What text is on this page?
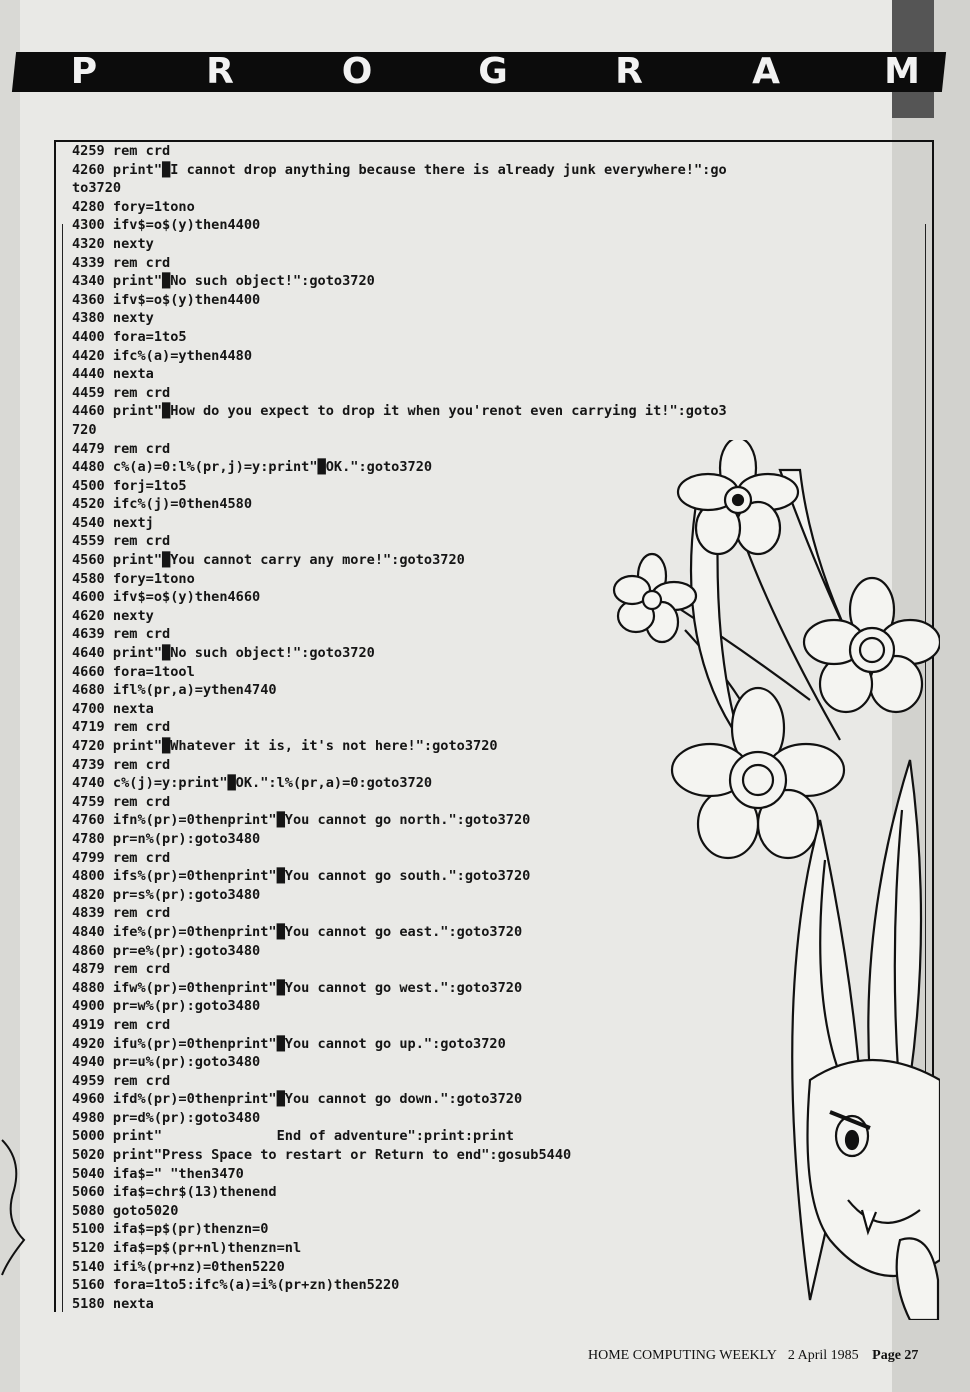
P	R	O	G	R	A	M
4259 rem crd
4260 print"█I cannot drop anything because there is already junk everywhere!":go
to3720
4280 fory=1tono
4300 ifv$=o$(y)then4400
4320 nexty
4339 rem crd
4340 print"█No such object!":goto3720
4360 ifv$=o$(y)then4400
4380 nexty
4400 fora=1to5
4420 ifc%(a)=ythen4480
4440 nexta
4459 rem crd
4460 print"█How do you expect to drop it when you'renot even carrying it!":goto3
720
4479 rem crd
4480 c%(a)=0:l%(pr,j)=y:print"█OK.":goto3720
4500 forj=1to5
4520 ifc%(j)=0then4580
4540 nextj
4559 rem crd
4560 print"█You cannot carry any more!":goto3720
4580 fory=1tono
4600 ifv$=o$(y)then4660
4620 nexty
4639 rem crd
4640 print"█No such object!":goto3720
4660 fora=1tool
4680 ifl%(pr,a)=ythen4740
4700 nexta
4719 rem crd
4720 print"█Whatever it is, it's not here!":goto3720
4739 rem crd
4740 c%(j)=y:print"█OK.":l%(pr,a)=0:goto3720
4759 rem crd
4760 ifn%(pr)=0thenprint"█You cannot go north.":goto3720
4780 pr=n%(pr):goto3480
4799 rem crd
4800 ifs%(pr)=0thenprint"█You cannot go south.":goto3720
4820 pr=s%(pr):goto3480
4839 rem crd
4840 ife%(pr)=0thenprint"█You cannot go east.":goto3720
4860 pr=e%(pr):goto3480
4879 rem crd
4880 ifw%(pr)=0thenprint"█You cannot go west.":goto3720
4900 pr=w%(pr):goto3480
4919 rem crd
4920 ifu%(pr)=0thenprint"█You cannot go up.":goto3720
4940 pr=u%(pr):goto3480
4959 rem crd
4960 ifd%(pr)=0thenprint"█You cannot go down.":goto3720
4980 pr=d%(pr):goto3480
5000 print"              End of adventure":print:print
5020 print"Press Space to restart or Return to end":gosub5440
5040 ifa$=" "then3470
5060 ifa$=chr$(13)thenend
5080 goto5020
5100 ifa$=p$(pr)thenzn=0
5120 ifa$=p$(pr+nl)thenzn=nl
5140 ifi%(pr+nz)=0then5220
5160 fora=1to5:ifc%(a)=i%(pr+zn)then5220
5180 nexta
HOME COMPUTING WEEKLY 2 April 1985 Page 27
